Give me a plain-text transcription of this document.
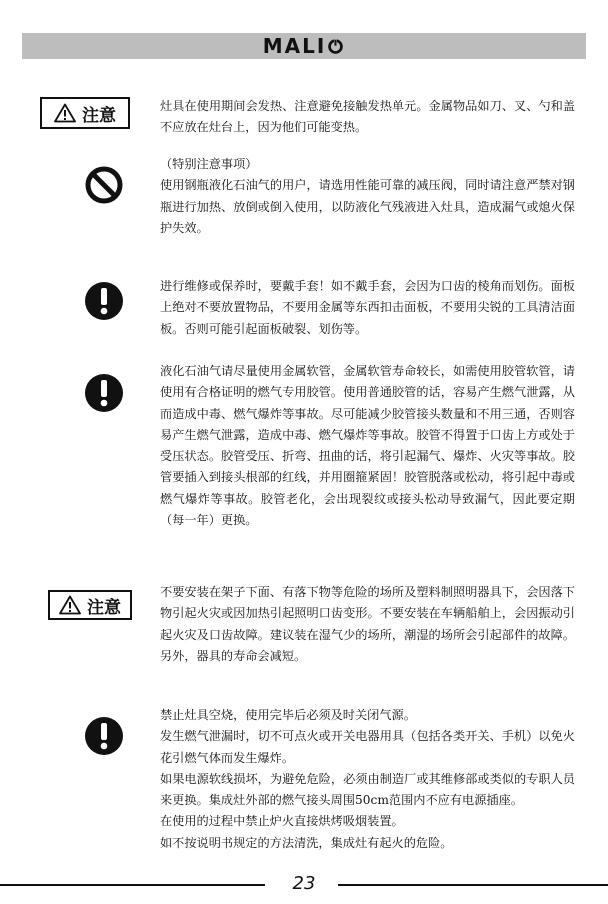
MALI
注意	灶具在使用期间会发热、注意避免接触发热单元。金属物品如刀、叉、勺和盖不应放在灶台上，因为他们可能变热。

（特别注意事项）

使用钢瓶液化石油气的用户，请选用性能可靠的减压阀，同时请注意严禁对钢瓶进行加热、放倒或倒入使用，以防液化气残液进入灶具，造成漏气或熄火保护失效。

进行维修或保养时，要戴手套！如不戴手套，会因为口齿的棱角而划伤。面板上绝对不要放置物品，不要用金属等东西扣击面板，不要用尖锐的工具清洁面板。否则可能引起面板破裂、划伤等。

液化石油气请尽量使用金属软管，金属软管寿命较长，如需使用胶管软管，请使用有合格证明的燃气专用胶管。使用普通胶管的话，容易产生燃气泄露，从而造成中毒、燃气爆炸等事故。尽可能减少胶管接头数量和不用三通，否则容易产生燃气泄露，造成中毒、燃气爆炸等事故。胶管不得置于口齿上方或处于受压状态。胶管受压、折弯、扭曲的话，将引起漏气、爆炸、火灾等事故。胶管要插入到接头根部的红线，并用圈箍紧固！胶管脱落或松动，将引起中毒或燃气爆炸等事故。胶管老化，会出现裂纹或接头松动导致漏气，因此要定期（每一年）更换。

注意

不要安装在架子下面、有落下物等危险的场所及塑料制照明器具下，会因落下物引起火灾或因加热引起照明口齿变形。不要安装在车辆船舶上，会因振动引起火灾及口齿故障。建议装在湿气少的场所，潮湿的场所会引起部件的故障。另外，器具的寿命会减短。

禁止灶具空烧，使用完毕后必须及时关闭气源。

发生燃气泄漏时，切不可点火或开关电器用具（包括各类开关、手机）以免火花引燃气体而发生爆炸。

如果电源软线损坏，为避免危险，必须由制造厂或其维修部或类似的专职人员来更换。集成灶外部的燃气接头周围50cm范围内不应有电源插座。

在使用的过程中禁止炉火直接烘烤吸烟装置。

如不按说明书规定的方法清洗，集成灶有起火的危险。

23
